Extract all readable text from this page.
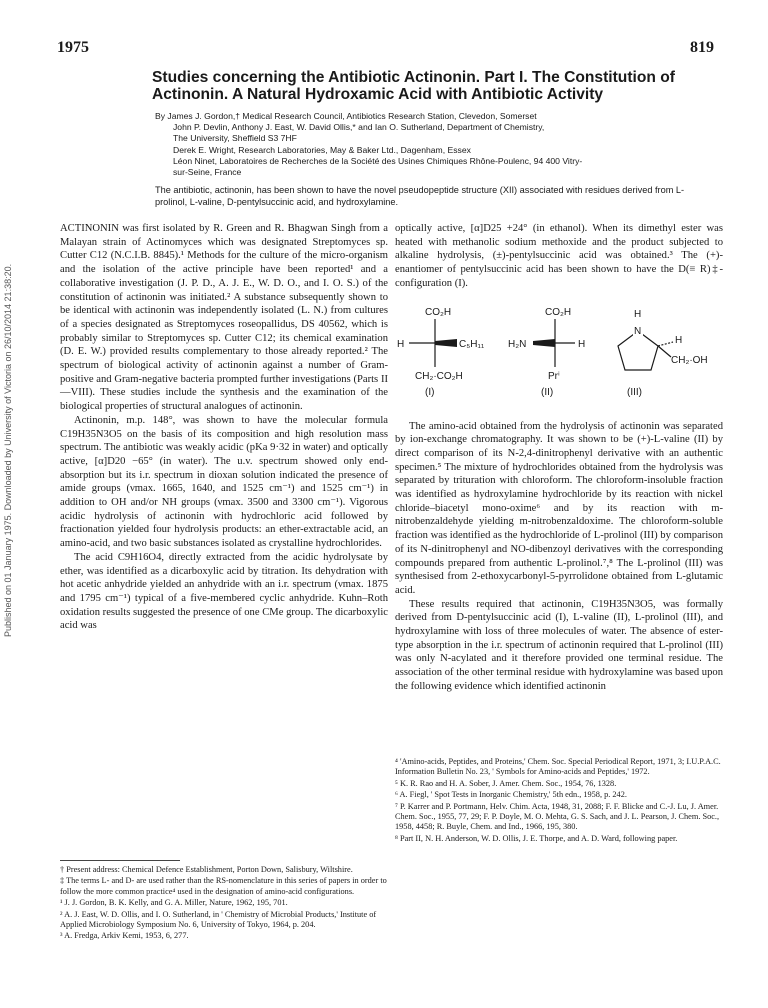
1975	819
Published on 01 January 1975. Downloaded by University of Victoria on 26/10/2014 21:38:20.
Studies concerning the Antibiotic Actinonin. Part I. The Constitution of Actinonin. A Natural Hydroxamic Acid with Antibiotic Activity
By James J. Gordon,† Medical Research Council, Antibiotics Research Station, Clevedon, Somerset
John P. Devlin, Anthony J. East, W. David Ollis,* and Ian O. Sutherland, Department of Chemistry,
The University, Sheffield S3 7HF
Derek E. Wright, Research Laboratories, May & Baker Ltd., Dagenham, Essex
Léon Ninet, Laboratoires de Recherches de la Société des Usines Chimiques Rhône-Poulenc, 94 400 Vitry-
sur-Seine, France

The antibiotic, actinonin, has been shown to have the novel pseudopeptide structure (XII) associated with residues derived from L-prolinol, L-valine, D-pentylsuccinic acid, and hydroxylamine.

ACTINONIN was first isolated by R. Green and R. Bhagwan Singh from a Malayan strain of Actinomyces which was designated Streptomyces sp. Cutter C12 (N.C.I.B. 8845).¹ Methods for the culture of the micro-organism and the isolation of the active principle have been reported¹ and a collaborative investigation (J. P. D., A. J. E., W. D. O., and I. O. S.) of the constitution of actinonin was initiated.² A substance subsequently shown to be identical with actinonin was independently isolated (L. N.) from cultures of a species designated as Streptomyces roseopallidus, DS 40562, which is probably similar to Streptomyces sp. Cutter C12; its chemical examination (D. E. W.) provided results complementary to those already reported.² The spectrum of biological activity of actinonin against a number of Gram-positive and Gram-negative bacteria prompted further investigations (Parts II—VIII). These studies include the synthesis and the examination of the biological properties of structural analogues of actinonin.

Actinonin, m.p. 148°, was shown to have the molecular formula C19H35N3O5 on the basis of its composition and high resolution mass spectrum. The antibiotic was weakly acidic (pKa 9·32 in water) and optically active, [α]D20 −65° (in water). The u.v. spectrum showed only end-absorption but its i.r. spectrum in dioxan solution indicated the presence of amide groups (νmax. 1665, 1640, and 1525 cm⁻¹) and 1525 cm⁻¹) in addition to OH and/or NH groups (νmax. 3500 and 3300 cm⁻¹). Vigorous acidic hydrolysis of actinonin with hydrochloric acid followed by fractionation yielded four hydrolysis products: an ether-extractable acid, an amino-acid, and two basic substances isolated as crystalline hydrochlorides.

The acid C9H16O4, directly extracted from the acidic hydrolysate by ether, was identified as a dicarboxylic acid by titration. Its dehydration with hot acetic anhydride yielded an anhydride with an i.r. spectrum (νmax. 1875 and 1795 cm⁻¹) typical of a five-membered cyclic anhydride. Kuhn–Roth oxidation results suggested the presence of one CMe group. The dicarboxylic acid was

optically active, [α]D25 +24° (in ethanol). When its dimethyl ester was heated with methanolic sodium methoxide and the product subjected to alkaline hydrolysis, (±)-pentylsuccinic acid was obtained.³ The (+)-enantiomer of pentylsuccinic acid has been shown to have the D(≡ R)‡-configuration (I).

CO₂H
H	C₅H₁₁
CH₂·CO₂H
(I)
CO₂H
H₂N	H
Prⁱ
(II)
N
H
H
CH₂·OH
(III)

The amino-acid obtained from the hydrolysis of actinonin was separated by ion-exchange chromatography. It was shown to be (+)-L-valine (II) by direct comparison of its N-2,4-dinitrophenyl derivative with an authentic specimen.⁵ The mixture of hydrochlorides obtained from the hydrolysis was separated by trituration with chloroform. The chloroform-insoluble fraction was identified as hydroxylamine hydrochloride by its reaction with nickel chloride–biacetyl mono-oxime⁶ and by its reaction with m-nitrobenzaldehyde yielding m-nitrobenzaldoxime. The chloroform-soluble fraction was identified as the hydrochloride of L-prolinol (III) by comparison of its N-dinitrophenyl and NO-dibenzoyl derivatives with the corresponding compounds prepared from authentic L-prolinol.⁷,⁸ The L-prolinol (III) was synthesised from 2-ethoxycarbonyl-5-pyrrolidone obtained from L-glutamic acid.

These results required that actinonin, C19H35N3O5, was formally derived from D-pentylsuccinic acid (I), L-valine (II), L-prolinol (III), and hydroxylamine with loss of three molecules of water. The absence of ester-type absorption in the i.r. spectrum of actinonin required that L-prolinol (III) was only N-acylated and it therefore provided one terminal residue. The association of the other terminal residue with hydroxylamine was based upon the following evidence which identified actinonin

† Present address: Chemical Defence Establishment, Porton Down, Salisbury, Wiltshire.

‡ The terms L- and D- are used rather than the RS-nomenclature in this series of papers in order to follow the more common practice⁴ used in the designation of amino-acid configurations.

¹ J. J. Gordon, B. K. Kelly, and G. A. Miller, Nature, 1962, 195, 701.

² A. J. East, W. D. Ollis, and I. O. Sutherland, in ' Chemistry of Microbial Products,' Institute of Applied Microbiology Symposium No. 6, University of Tokyo, 1964, p. 204.

³ A. Fredga, Arkiv Kemi, 1953, 6, 277.

⁴ 'Amino-acids, Peptides, and Proteins,' Chem. Soc. Special Periodical Report, 1971, 3; I.U.P.A.C. Information Bulletin No. 23, ' Symbols for Amino-acids and Peptides,' 1972.

⁵ K. R. Rao and H. A. Sober, J. Amer. Chem. Soc., 1954, 76, 1328.

⁶ A. Fiegl, ' Spot Tests in Inorganic Chemistry,' 5th edn., 1958, p. 242.

⁷ P. Karrer and P. Portmann, Helv. Chim. Acta, 1948, 31, 2088; F. F. Blicke and C.-J. Lu, J. Amer. Chem. Soc., 1955, 77, 29; F. P. Doyle, M. O. Mehta, G. S. Sach, and J. L. Pearson, J. Chem. Soc., 1958, 4458; R. Buyle, Chem. and Ind., 1966, 195, 380.

⁸ Part II, N. H. Anderson, W. D. Ollis, J. E. Thorpe, and A. D. Ward, following paper.
